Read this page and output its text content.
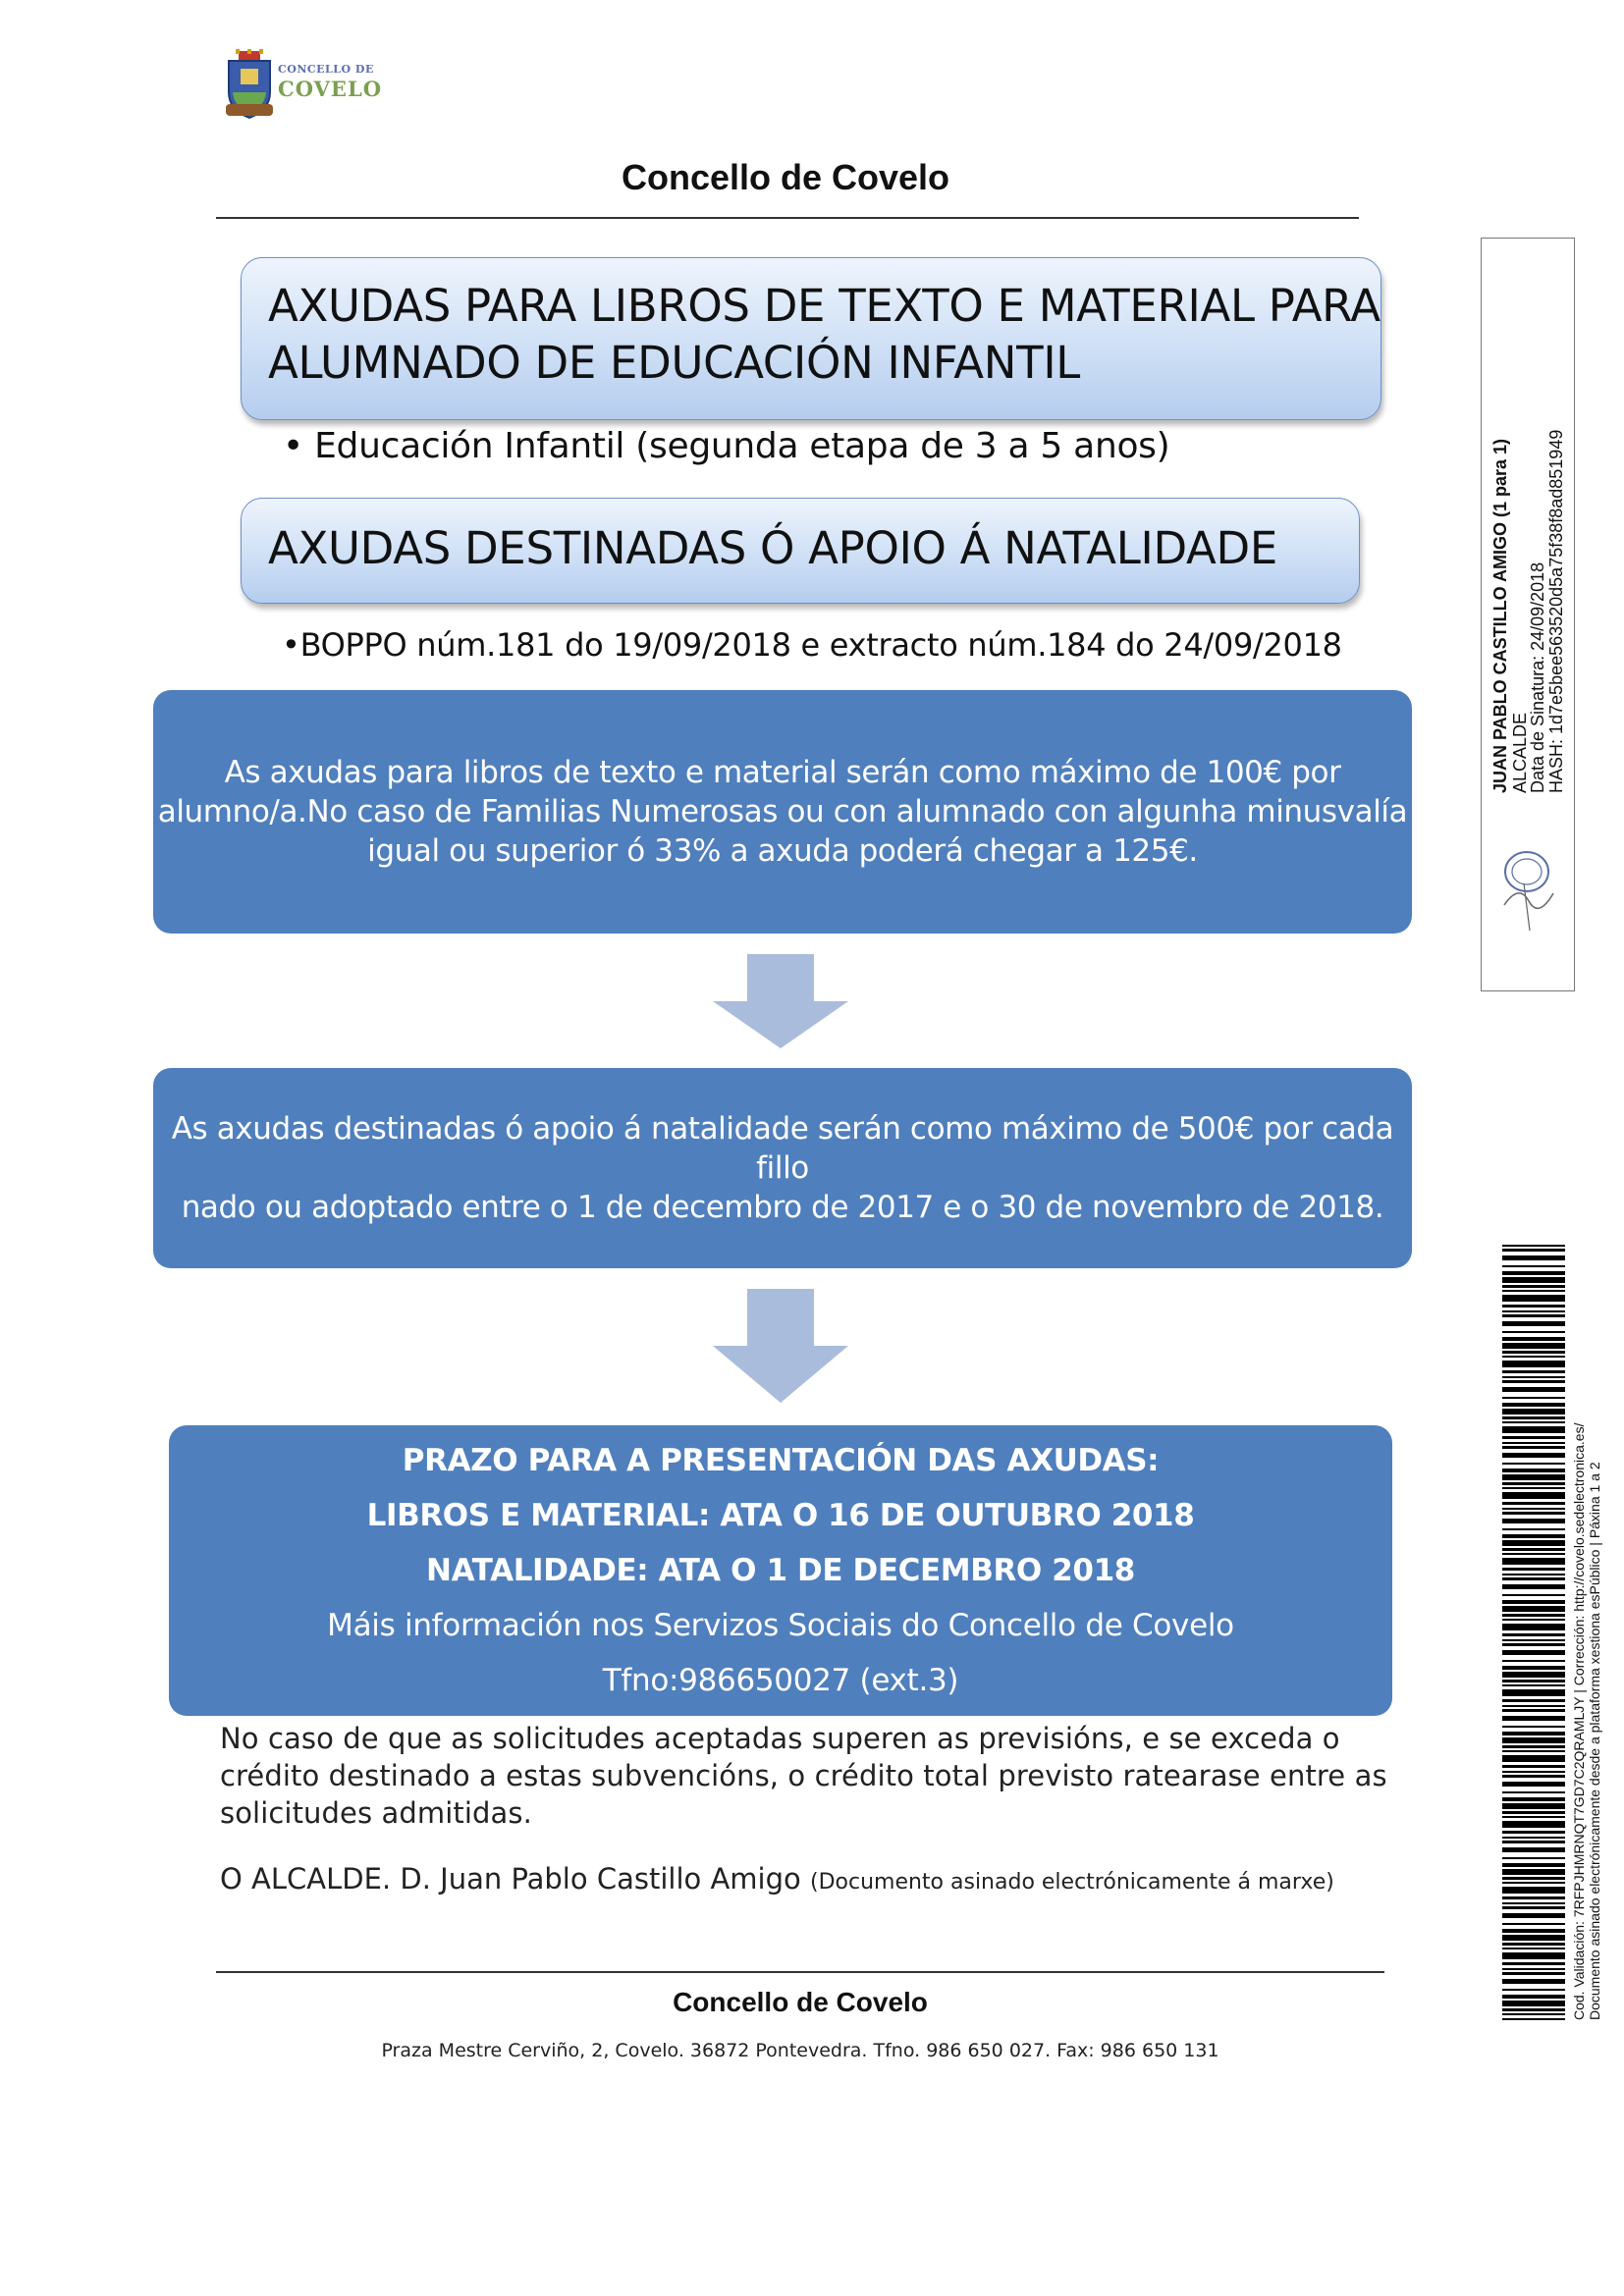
CONCELLO DE
COVELO
Concello de Covelo
AXUDAS PARA LIBROS DE TEXTO E MATERIAL PARA
ALUMNADO DE EDUCACIÓN INFANTIL
• Educación Infantil (segunda etapa de 3 a 5 anos)
AXUDAS DESTINADAS Ó APOIO Á NATALIDADE
•BOPPO núm.181 do 19/09/2018 e extracto núm.184 do 24/09/2018

As axudas para libros de texto e material serán como máximo de 100€ por

alumno/a.No caso de Familias Numerosas ou con alumnado con algunha minusvalía

igual ou superior ó 33% a axuda poderá chegar a 125€.

As axudas destinadas ó apoio á natalidade serán como máximo de 500€ por cada fillo

nado ou adoptado entre o 1 de decembro de 2017 e o 30 de novembro de 2018.

PRAZO PARA A PRESENTACIÓN DAS AXUDAS:
LIBROS E MATERIAL: ATA O 16 DE OUTUBRO 2018
NATALIDADE: ATA O 1 DE DECEMBRO 2018
Máis información nos Servizos Sociais do Concello de Covelo
Tfno:986650027 (ext.3)
No caso de que as solicitudes aceptadas superen as previsións, e se exceda o
crédito destinado a estas subvencións, o crédito total previsto ratearase entre as
solicitudes admitidas.
O ALCALDE. D. Juan Pablo Castillo Amigo (Documento asinado electrónicamente á marxe)
Concello de Covelo
Praza Mestre Cerviño, 2, Covelo. 36872 Pontevedra. Tfno. 986 650 027. Fax: 986 650 131
JUAN PABLO CASTILLO AMIGO (1 para 1) ALCALDE
Data de Sinatura: 24/09/2018 HASH: 1d7e5bee563520d5a75f38f8ad851949
Cod. Validación: 7RFPJHMRNQT7GD7C2QRAMLJY | Corrección: http://covelo.sedelectronica.es/ Documento asinado electrónicamente desde a plataforma xestiona esPúblico | Páxina 1 a 2
